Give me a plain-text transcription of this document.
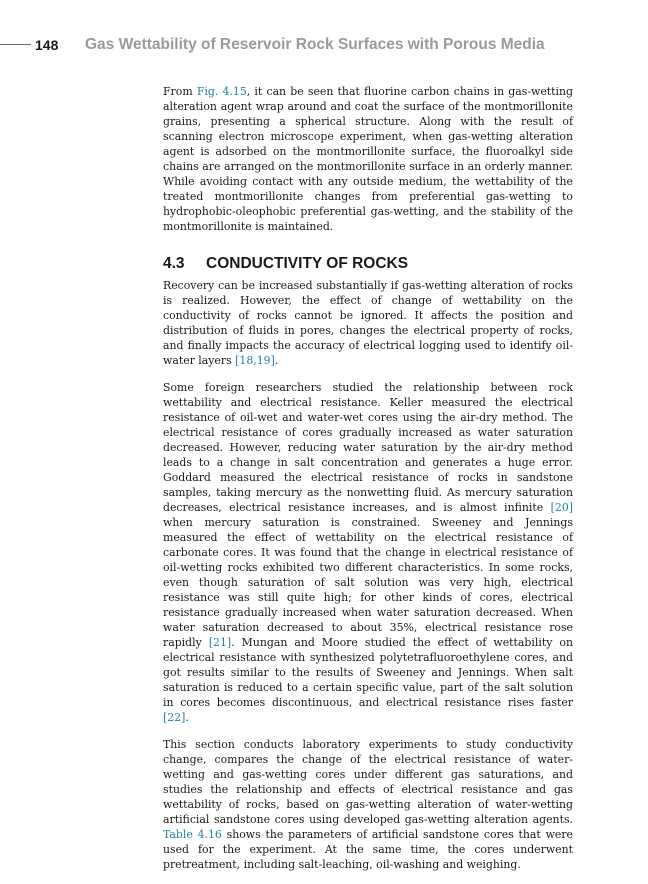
148 Gas Wettability of Reservoir Rock Surfaces with Porous Media

From Fig. 4.15, it can be seen that fluorine carbon chains in gas-wetting alteration agent wrap around and coat the surface of the montmorillonite grains, presenting a spherical structure. Along with the result of scanning electron microscope experiment, when gas-wetting alteration agent is adsorbed on the montmorillonite surface, the fluoroalkyl side chains are arranged on the montmorillonite surface in an orderly manner. While avoiding contact with any outside medium, the wettability of the treated montmorillonite changes from preferential gas-wetting to hydrophobic-oleophobic preferential gas-wetting, and the stability of the montmorillonite is maintained.

4.3 CONDUCTIVITY OF ROCKS

Recovery can be increased substantially if gas-wetting alteration of rocks is realized. However, the effect of change of wettability on the conductivity of rocks cannot be ignored. It affects the position and distribution of fluids in pores, changes the electrical property of rocks, and finally impacts the accuracy of electrical logging used to identify oil-water layers [18,19].

Some foreign researchers studied the relationship between rock wettability and electrical resistance. Keller measured the electrical resistance of oil-wet and water-wet cores using the air-dry method. The electrical resistance of cores gradually increased as water saturation decreased. However, reducing water saturation by the air-dry method leads to a change in salt concentration and generates a huge error. Goddard measured the electrical resistance of rocks in sandstone samples, taking mercury as the nonwetting fluid. As mercury saturation decreases, electrical resistance increases, and is almost infinite [20] when mercury saturation is constrained. Sweeney and Jennings measured the effect of wettability on the electrical resistance of carbonate cores. It was found that the change in electrical resistance of oil-wetting rocks exhibited two different characteristics. In some rocks, even though saturation of salt solution was very high, electrical resistance was still quite high; for other kinds of cores, electrical resistance gradually increased when water saturation decreased. When water saturation decreased to about 35%, electrical resistance rose rapidly [21]. Mungan and Moore studied the effect of wettability on electrical resistance with synthesized polytetrafluoroethylene cores, and got results similar to the results of Sweeney and Jennings. When salt saturation is reduced to a certain specific value, part of the salt solution in cores becomes discontinuous, and electrical resistance rises faster [22].

This section conducts laboratory experiments to study conductivity change, compares the change of the electrical resistance of water-wetting and gas-wetting cores under different gas saturations, and studies the relationship and effects of electrical resistance and gas wettability of rocks, based on gas-wetting alteration of water-wetting artificial sandstone cores using developed gas-wetting alteration agents. Table 4.16 shows the parameters of artificial sandstone cores that were used for the experiment. At the same time, the cores underwent pretreatment, including salt-leaching, oil-washing and weighing.
